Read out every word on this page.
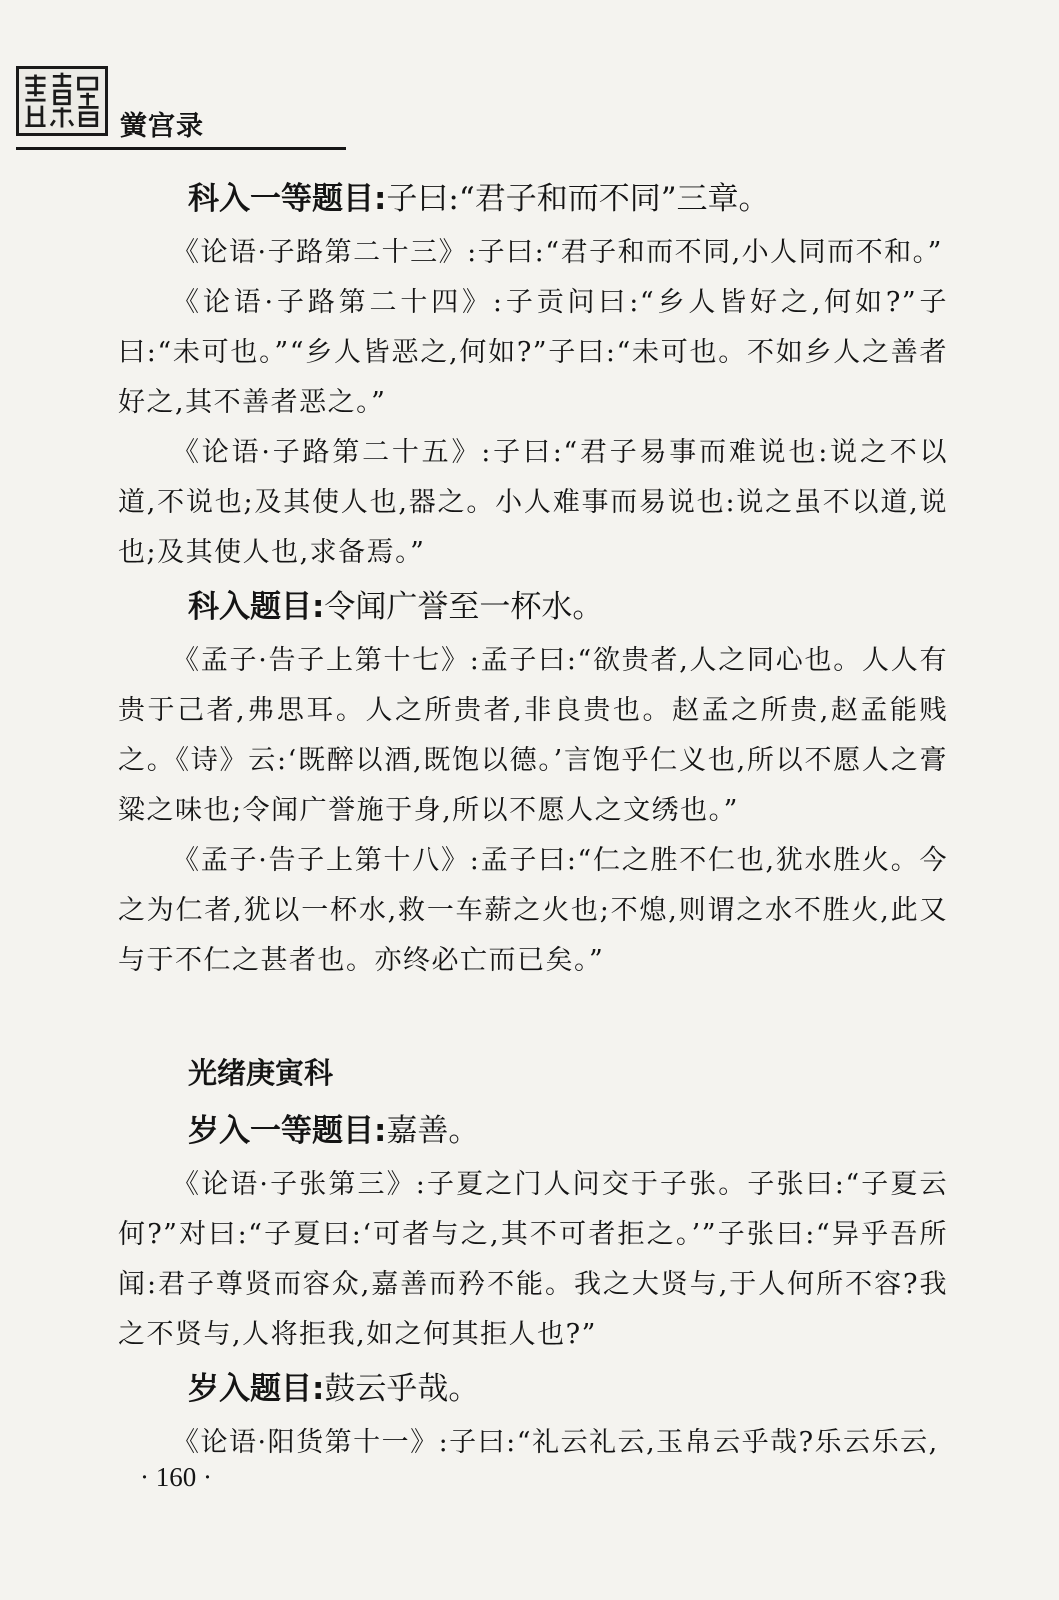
黉宫录
科入一等题目:子曰:“君子和而不同”三章。

《论语·子路第二十三》:子曰:“君子和而不同,小人同而不和。”

《论语·子路第二十四》:子贡问曰:“乡人皆好之,何如?”子曰:“未可也。”“乡人皆恶之,何如?”子曰:“未可也。不如乡人之善者好之,其不善者恶之。”

《论语·子路第二十五》:子曰:“君子易事而难说也:说之不以道,不说也;及其使人也,器之。小人难事而易说也:说之虽不以道,说也;及其使人也,求备焉。”

科入题目:令闻广誉至一杯水。

《孟子·告子上第十七》:孟子曰:“欲贵者,人之同心也。人人有贵于己者,弗思耳。人之所贵者,非良贵也。赵孟之所贵,赵孟能贱之。《诗》云:‘既醉以酒,既饱以德。’言饱乎仁义也,所以不愿人之膏粱之味也;令闻广誉施于身,所以不愿人之文绣也。”

《孟子·告子上第十八》:孟子曰:“仁之胜不仁也,犹水胜火。今之为仁者,犹以一杯水,救一车薪之火也;不熄,则谓之水不胜火,此又与于不仁之甚者也。亦终必亡而已矣。”

光绪庚寅科
岁入一等题目:嘉善。

《论语·子张第三》:子夏之门人问交于子张。子张曰:“子夏云何?”对曰:“子夏曰:‘可者与之,其不可者拒之。’”子张曰:“异乎吾所闻:君子尊贤而容众,嘉善而矜不能。我之大贤与,于人何所不容?我之不贤与,人将拒我,如之何其拒人也?”

岁入题目:鼓云乎哉。

《论语·阳货第十一》:子曰:“礼云礼云,玉帛云乎哉?乐云乐云,

· 160 ·
